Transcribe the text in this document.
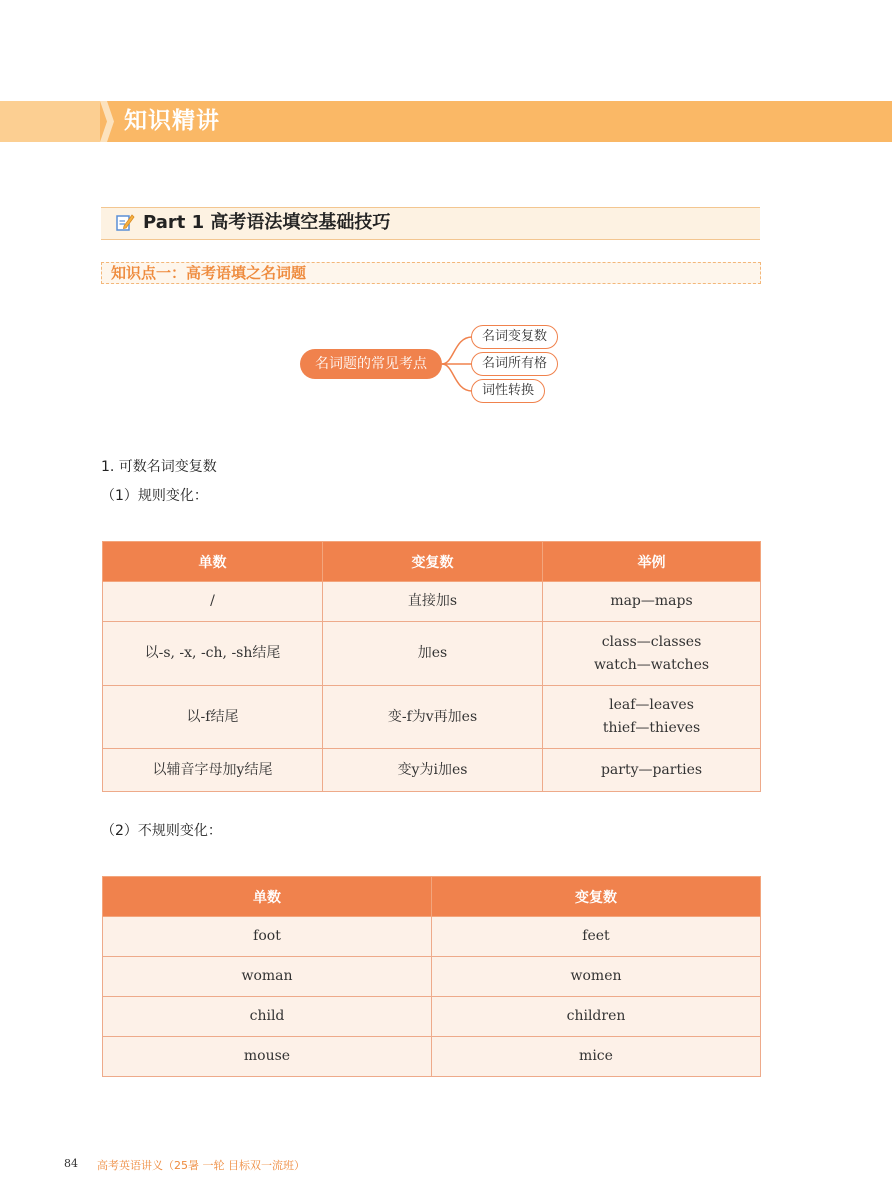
知识精讲
Part 1 高考语法填空基础技巧
知识点一：高考语填之名词题
名词题的常见考点
名词变复数
名词所有格
词性转换
1. 可数名词变复数
（1）规则变化：
单数	变复数	举例
/	直接加s	map—maps
以-s, -x, -ch, -sh结尾	加es	class—classes
watch—watches
以-f结尾	变-f为v再加es	leaf—leaves
thief—thieves
以辅音字母加y结尾	变y为i加es	party—parties
（2）不规则变化：
单数	变复数
foot	feet
woman	women
child	children
mouse	mice
84 高考英语讲义（25暑 一轮 目标双一流班）
